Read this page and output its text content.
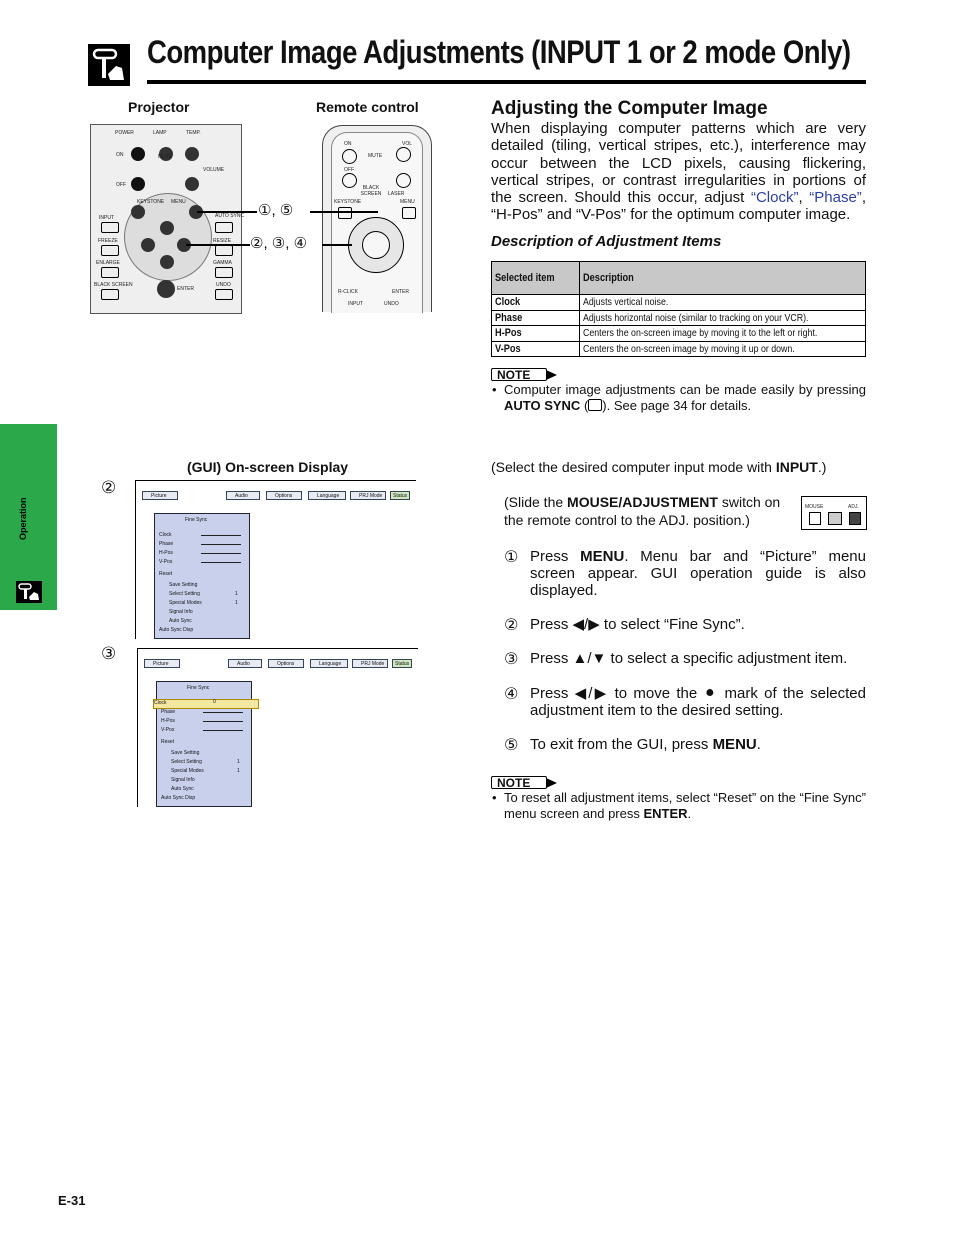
Computer Image Adjustments (INPUT 1 or 2 mode Only)
Operation
Projector	Remote control
POWER	LAMP	TEMP.
ON	MUTE
OFF
VOLUME
KEYSTONE MENU
INPUT	AUTO SYNC
FREEZE	RESIZE
ENLARGE	GAMMA
BLACK SCREEN	UNDO
ENTER
ON	VOL
MUTE
OFF
BLACK SCREEN	LASER
KEYSTONE	MENU
R-CLICK	ENTER
INPUT	UNDO
①, ⑤
②, ③, ④
Adjusting the Computer Image
When displaying computer patterns which are very detailed (tiling, vertical stripes, etc.), interference may occur between the LCD pixels, causing flickering, vertical stripes, or contrast irregularities in portions of the screen. Should this occur, adjust “Clock”, “Phase”, “H-Pos” and “V-Pos” for the optimum computer image.
Description of Adjustment Items
Selected item	Description
Clock	Adjusts vertical noise.
Phase	Adjusts horizontal noise (similar to tracking on your VCR).
H-Pos	Centers the on-screen image by moving it to the left or right.
V-Pos	Centers the on-screen image by moving it up or down.
NOTE
• Computer image adjustments can be made easily by pressing AUTO SYNC ( ). See page 34 for details.
(GUI) On-screen Display
②
③
Picture	Audio	Options	Language	PRJ Mode	Status
Fine Sync
Clock
Phase
H-Pos
V-Pos
Reset
Save Setting
Select Setting	1
Special Modes	1
Signal Info
Auto Sync
Auto Sync Disp
Picture	Audio	Options	Language	PRJ Mode	Status
Fine Sync
Clock	0
Phase
H-Pos
V-Pos
Reset
Save Setting
Select Setting	1
Special Modes	1
Signal Info
Auto Sync
Auto Sync Disp
(Select the desired computer input mode with INPUT.)
(Slide the MOUSE/ADJUSTMENT switch on the remote control to the ADJ. position.)
MOUSE	ADJ.
① Press MENU. Menu bar and “Picture” menu screen appear. GUI operation guide is also displayed.
② Press ◀/▶ to select “Fine Sync”.
③ Press ▲/▼ to select a specific adjustment item.
④ Press ◀/▶ to move the ⚫ mark of the selected adjustment item to the desired setting.
⑤ To exit from the GUI, press MENU.
NOTE
• To reset all adjustment items, select “Reset” on the “Fine Sync” menu screen and press ENTER.
E-31
